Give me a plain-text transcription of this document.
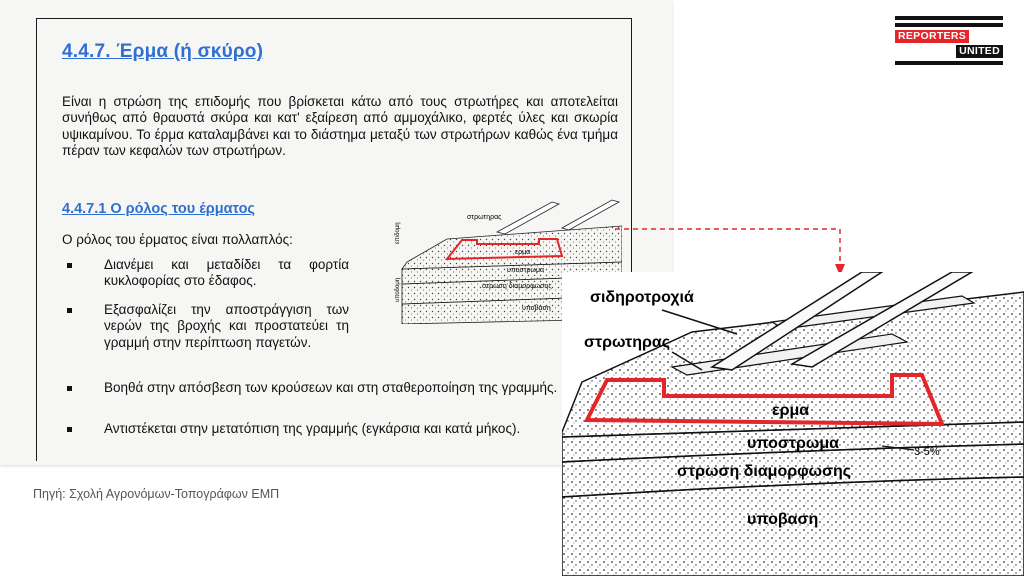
4.4.7. Έρμα (ή σκύρο)

Είναι η στρώση της επιδομής που βρίσκεται κάτω από τους στρωτήρες και αποτελείται συνήθως από θραυστά σκύρα και κατ' εξαίρεση από αμμοχάλικο, φερτές ύλες και σκωρία υψικαμίνου. Το έρμα καταλαμβάνει και το διάστημα μεταξύ των στρωτήρων καθώς ένα τμήμα πέραν των κεφαλών των στρωτήρων.

4.4.7.1 Ο ρόλος του έρματος

Ο ρόλος του έρματος είναι πολλαπλός:

Διανέμει και μεταδίδει τα φορτία κυκλοφορίας στο έδαφος.
Εξασφαλίζει την αποστράγγιση των νερών της βροχής και προστατεύει τη γραμμή στην περίπτωση παγετών.
Βοηθά στην απόσβεση των κρούσεων και στη σταθεροποίηση της γραμμής.
Αντιστέκεται στην μετατόπιση της γραμμής (εγκάρσια και κατά μήκος).
επιδομη
υποδομη
στρωτηρας
ερμα
υποστρωμα
στρωση διαμορφωσης
υποβαση

Πηγή: Σχολή Αγρονόμων-Τοπογράφων ΕΜΠ

REPORTERS
UNITED
σιδηροτροχιά
στρωτηρας
ερμα
υποστρωμα	3-5%
στρωση διαμορφωσης
υποβαση
